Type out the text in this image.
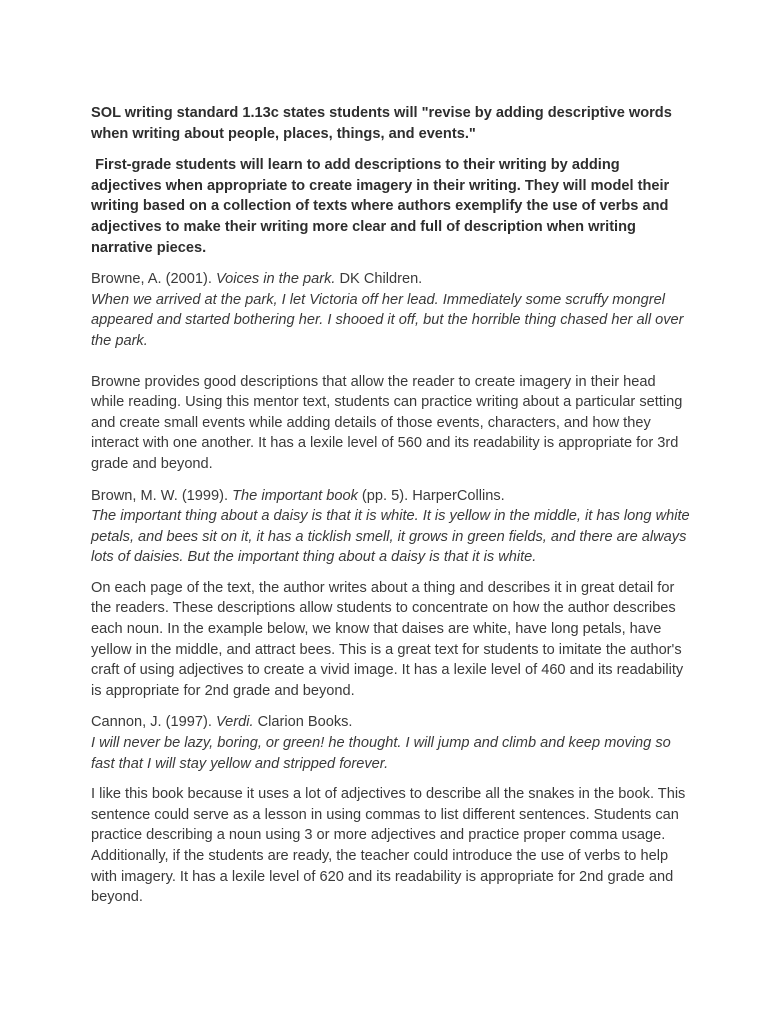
SOL writing standard 1.13c states students will "revise by adding descriptive words when writing about people, places, things, and events."

First-grade students will learn to add descriptions to their writing by adding adjectives when appropriate to create imagery in their writing. They will model their writing based on a collection of texts where authors exemplify the use of verbs and adjectives to make their writing more clear and full of description when writing narrative pieces.

Browne, A. (2001). Voices in the park. DK Children.

When we arrived at the park, I let Victoria off her lead. Immediately some scruffy mongrel appeared and started bothering her. I shooed it off, but the horrible thing chased her all over the park.

Browne provides good descriptions that allow the reader to create imagery in their head while reading. Using this mentor text, students can practice writing about a particular setting and create small events while adding details of those events, characters, and how they interact with one another. It has a lexile level of 560 and its readability is appropriate for 3rd grade and beyond.

Brown, M. W. (1999). The important book (pp. 5). HarperCollins.

The important thing about a daisy is that it is white. It is yellow in the middle, it has long white petals, and bees sit on it, it has a ticklish smell, it grows in green fields, and there are always lots of daisies. But the important thing about a daisy is that it is white.

On each page of the text, the author writes about a thing and describes it in great detail for the readers. These descriptions allow students to concentrate on how the author describes each noun. In the example below, we know that daises are white, have long petals, have yellow in the middle, and attract bees. This is a great text for students to imitate the author's craft of using adjectives to create a vivid image. It has a lexile level of 460 and its readability is appropriate for 2nd grade and beyond.

Cannon, J. (1997). Verdi. Clarion Books.

I will never be lazy, boring, or green! he thought. I will jump and climb and keep moving so fast that I will stay yellow and stripped forever.

I like this book because it uses a lot of adjectives to describe all the snakes in the book. This sentence could serve as a lesson in using commas to list different sentences. Students can practice describing a noun using 3 or more adjectives and practice proper comma usage. Additionally, if the students are ready, the teacher could introduce the use of verbs to help with imagery. It has a lexile level of 620 and its readability is appropriate for 2nd grade and beyond.
